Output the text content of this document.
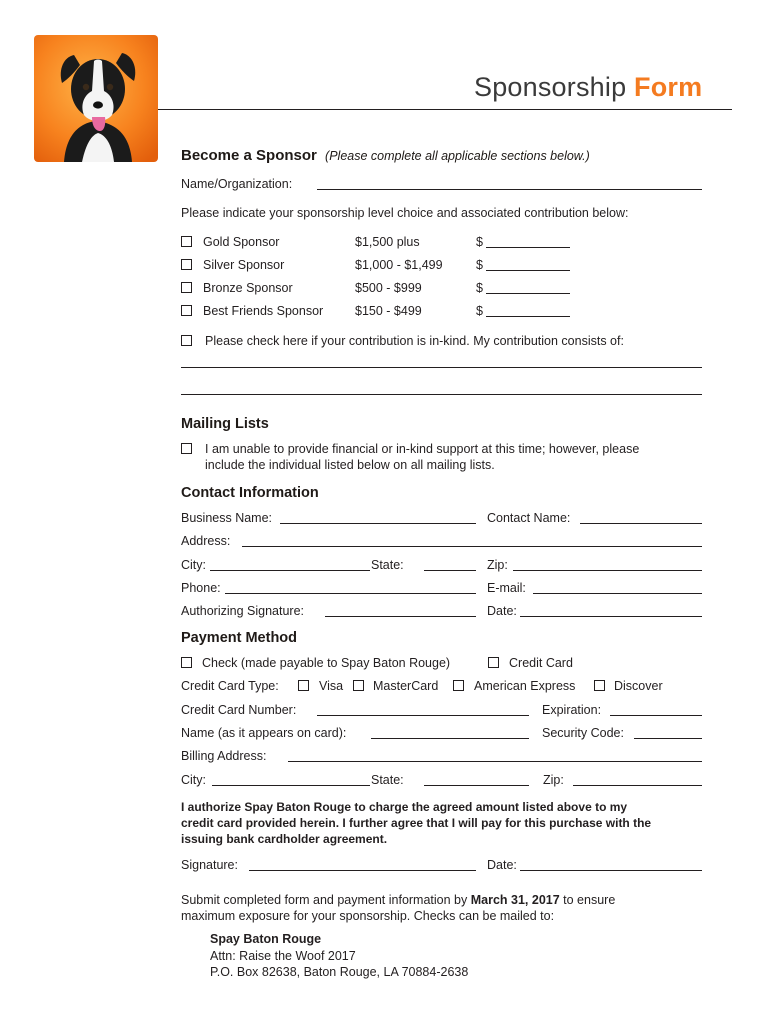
Sponsorship Form
Become a Sponsor (Please complete all applicable sections below.)
Name/Organization:
Please indicate your sponsorship level choice and associated contribution below:
Gold Sponsor	$1,500 plus	$
Silver Sponsor	$1,000 - $1,499	$
Bronze Sponsor	$500 - $999	$
Best Friends Sponsor	$150 - $499	$
Please check here if your contribution is in-kind. My contribution consists of:
Mailing Lists
I am unable to provide financial or in-kind support at this time; however, please
include the individual listed below on all mailing lists.
Contact Information
Business Name:	Contact Name:
Address:
City:	State:	Zip:
Phone:	E-mail:
Authorizing Signature:	Date:
Payment Method
Check (made payable to Spay Baton Rouge)	Credit Card
Credit Card Type:	Visa MasterCard	American Express	Discover
Credit Card Number:	Expiration:
Name (as it appears on card):	Security Code:
Billing Address:
City:	State:	Zip:
I authorize Spay Baton Rouge to charge the agreed amount listed above to my
credit card provided herein. I further agree that I will pay for this purchase with the
issuing bank cardholder agreement.
Signature:	Date:
Submit completed form and payment information by March 31, 2017 to ensure
maximum exposure for your sponsorship. Checks can be mailed to:
Spay Baton Rouge
Attn: Raise the Woof 2017
P.O. Box 82638, Baton Rouge, LA 70884-2638
